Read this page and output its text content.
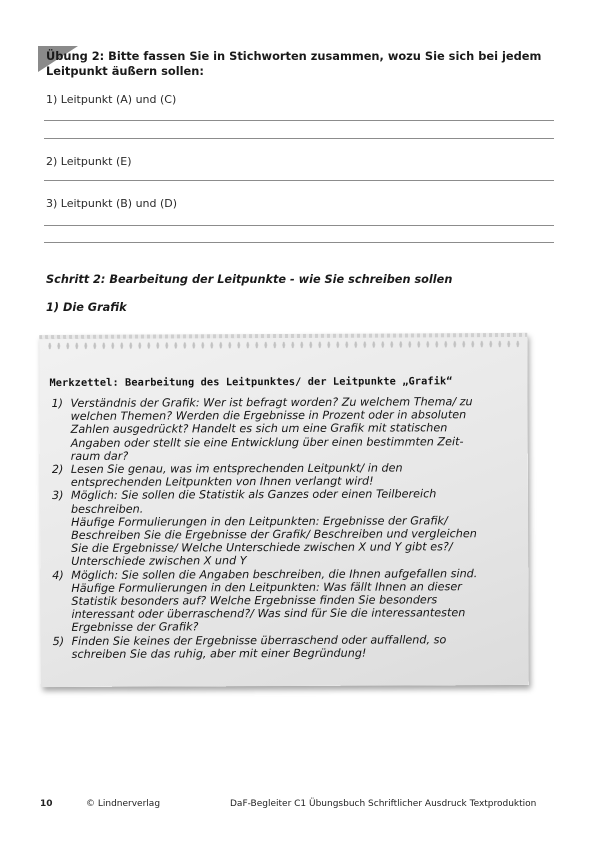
Übung 2: Bitte fassen Sie in Stichworten zusammen, wozu Sie sich bei jedem Leitpunkt äußern sollen:
1) Leitpunkt (A) und (C)
2) Leitpunkt (E)
3) Leitpunkt (B) und (D)
Schritt 2: Bearbeitung der Leitpunkte - wie Sie schreiben sollen
1) Die Grafik
Merkzettel: Bearbeitung des Leitpunktes/ der Leitpunkte „Grafik“
1) Verständnis der Grafik: Wer ist befragt worden? Zu welchem Thema/ zu
welchen Themen? Werden die Ergebnisse in Prozent oder in absoluten
Zahlen ausgedrückt? Handelt es sich um eine Grafik mit statischen
Angaben oder stellt sie eine Entwicklung über einen bestimmten Zeit-
raum dar?
2) Lesen Sie genau, was im entsprechenden Leitpunkt/ in den
entsprechenden Leitpunkten von Ihnen verlangt wird!
3) Möglich: Sie sollen die Statistik als Ganzes oder einen Teilbereich
beschreiben.
Häufige Formulierungen in den Leitpunkten: Ergebnisse der Grafik/
Beschreiben Sie die Ergebnisse der Grafik/ Beschreiben und vergleichen
Sie die Ergebnisse/ Welche Unterschiede zwischen X und Y gibt es?/
Unterschiede zwischen X und Y
4) Möglich: Sie sollen die Angaben beschreiben, die Ihnen aufgefallen sind.
Häufige Formulierungen in den Leitpunkten: Was fällt Ihnen an dieser
Statistik besonders auf? Welche Ergebnisse finden Sie besonders
interessant oder überraschend?/ Was sind für Sie die interessantesten
Ergebnisse der Grafik?
5) Finden Sie keines der Ergebnisse überraschend oder auffallend, so
schreiben Sie das ruhig, aber mit einer Begründung!
10	© Lindnerverlag	DaF-Begleiter C1 Übungsbuch Schriftlicher Ausdruck Textproduktion
